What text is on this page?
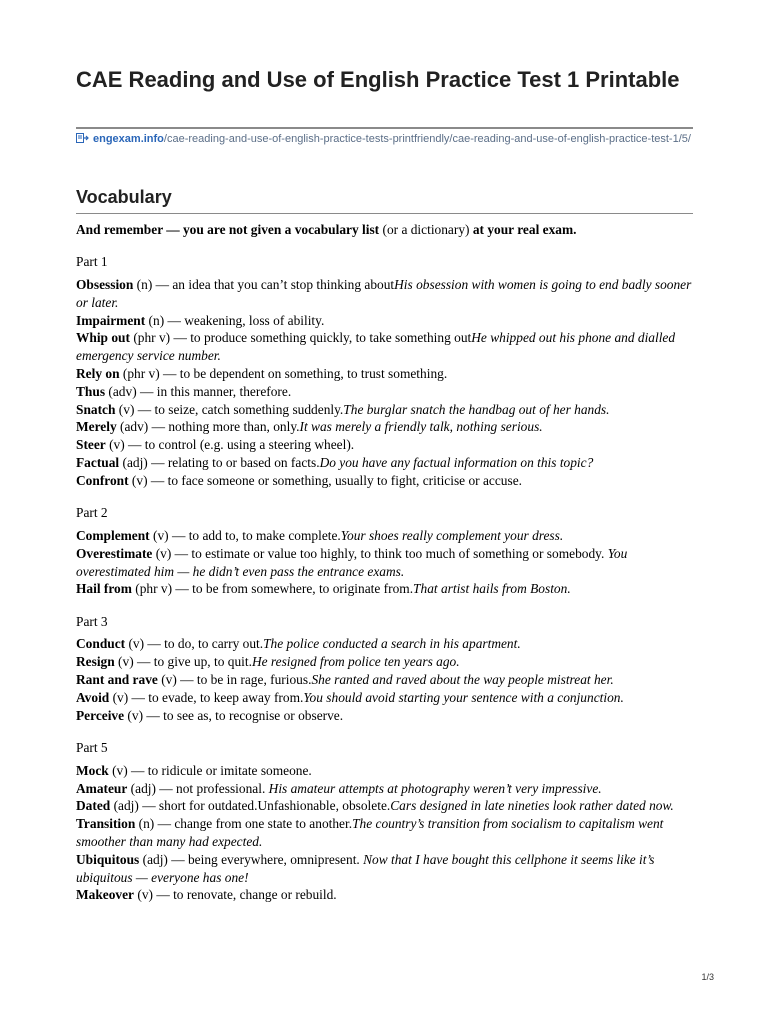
CAE Reading and Use of English Practice Test 1 Printable
engexam.info/cae-reading-and-use-of-english-practice-tests-printfriendly/cae-reading-and-use-of-english-practice-test-1/5/
Vocabulary

And remember — you are not given a vocabulary list (or a dictionary) at your real exam.

Part 1

Obsession (n) — an idea that you can’t stop thinking aboutHis obsession with women is going to end badly sooner or later.

Impairment (n) — weakening, loss of ability.

Whip out (phr v) — to produce something quickly, to take something outHe whipped out his phone and dialled emergency service number.

Rely on (phr v) — to be dependent on something, to trust something.

Thus (adv) — in this manner, therefore.

Snatch (v) — to seize, catch something suddenly.The burglar snatch the handbag out of her hands.

Merely (adv) — nothing more than, only.It was merely a friendly talk, nothing serious.

Steer (v) — to control (e.g. using a steering wheel).

Factual (adj) — relating to or based on facts.Do you have any factual information on this topic?

Confront (v) — to face someone or something, usually to fight, criticise or accuse.

Part 2

Complement (v) — to add to, to make complete.Your shoes really complement your dress.

Overestimate (v) — to estimate or value too highly, to think too much of something or somebody. You overestimated him — he didn’t even pass the entrance exams.

Hail from (phr v) — to be from somewhere, to originate from.That artist hails from Boston.

Part 3

Conduct (v) — to do, to carry out.The police conducted a search in his apartment.

Resign (v) — to give up, to quit.He resigned from police ten years ago.

Rant and rave (v) — to be in rage, furious.She ranted and raved about the way people mistreat her.

Avoid (v) — to evade, to keep away from.You should avoid starting your sentence with a conjunction.

Perceive (v) — to see as, to recognise or observe.

Part 5

Mock (v) — to ridicule or imitate someone.

Amateur (adj) — not professional. His amateur attempts at photography weren’t very impressive.

Dated (adj) — short for outdated.Unfashionable, obsolete.Cars designed in late nineties look rather dated now.

Transition (n) — change from one state to another.The country’s transition from socialism to capitalism went smoother than many had expected.

Ubiquitous (adj) — being everywhere, omnipresent. Now that I have bought this cellphone it seems like it’s ubiquitous — everyone has one!

Makeover (v) — to renovate, change or rebuild.

1/3
